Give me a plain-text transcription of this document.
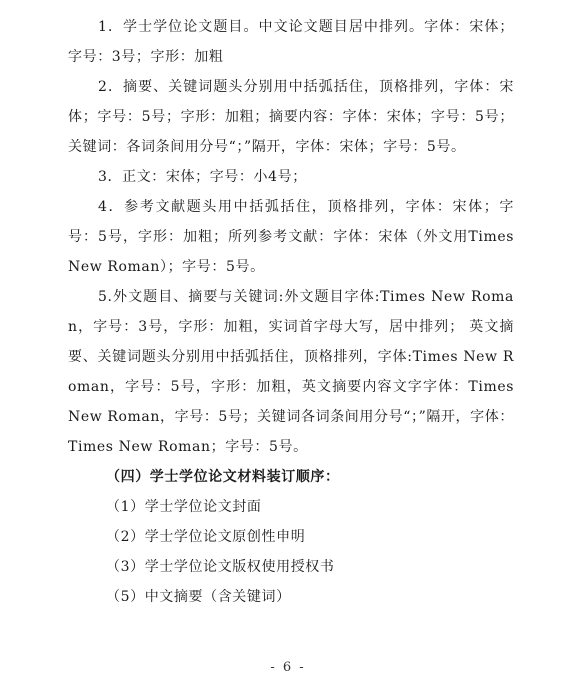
1．学士学位论文题目。中文论文题目居中排列。字体：宋体；字号：3号；字形：加粗

2．摘要、关键词题头分别用中括弧括住，顶格排列，字体：宋体；字号：5号；字形：加粗；摘要内容：字体：宋体；字号：5号；关键词：各词条间用分号“；”隔开，字体：宋体；字号：5号。

3．正文：宋体；字号：小4号；

4．参考文献题头用中括弧括住，顶格排列，字体：宋体；字号：5号，字形：加粗；所列参考文献：字体：宋体（外文用Times New Roman）；字号：5号。

5.外文题目、摘要与关键词:外文题目字体:Times New Roman，字号：3号，字形：加粗，实词首字母大写，居中排列； 英文摘要、关键词题头分别用中括弧括住，顶格排列，字体:Times New Roman，字号：5号，字形：加粗，英文摘要内容文字字体：Times New Roman，字号：5号；关键词各词条间用分号“；”隔开，字体：Times New Roman；字号：5号。

（四）学士学位论文材料装订顺序：

（1）学士学位论文封面

（2）学士学位论文原创性申明

（3）学士学位论文版权使用授权书

（5）中文摘要（含关键词）

- 6 -
